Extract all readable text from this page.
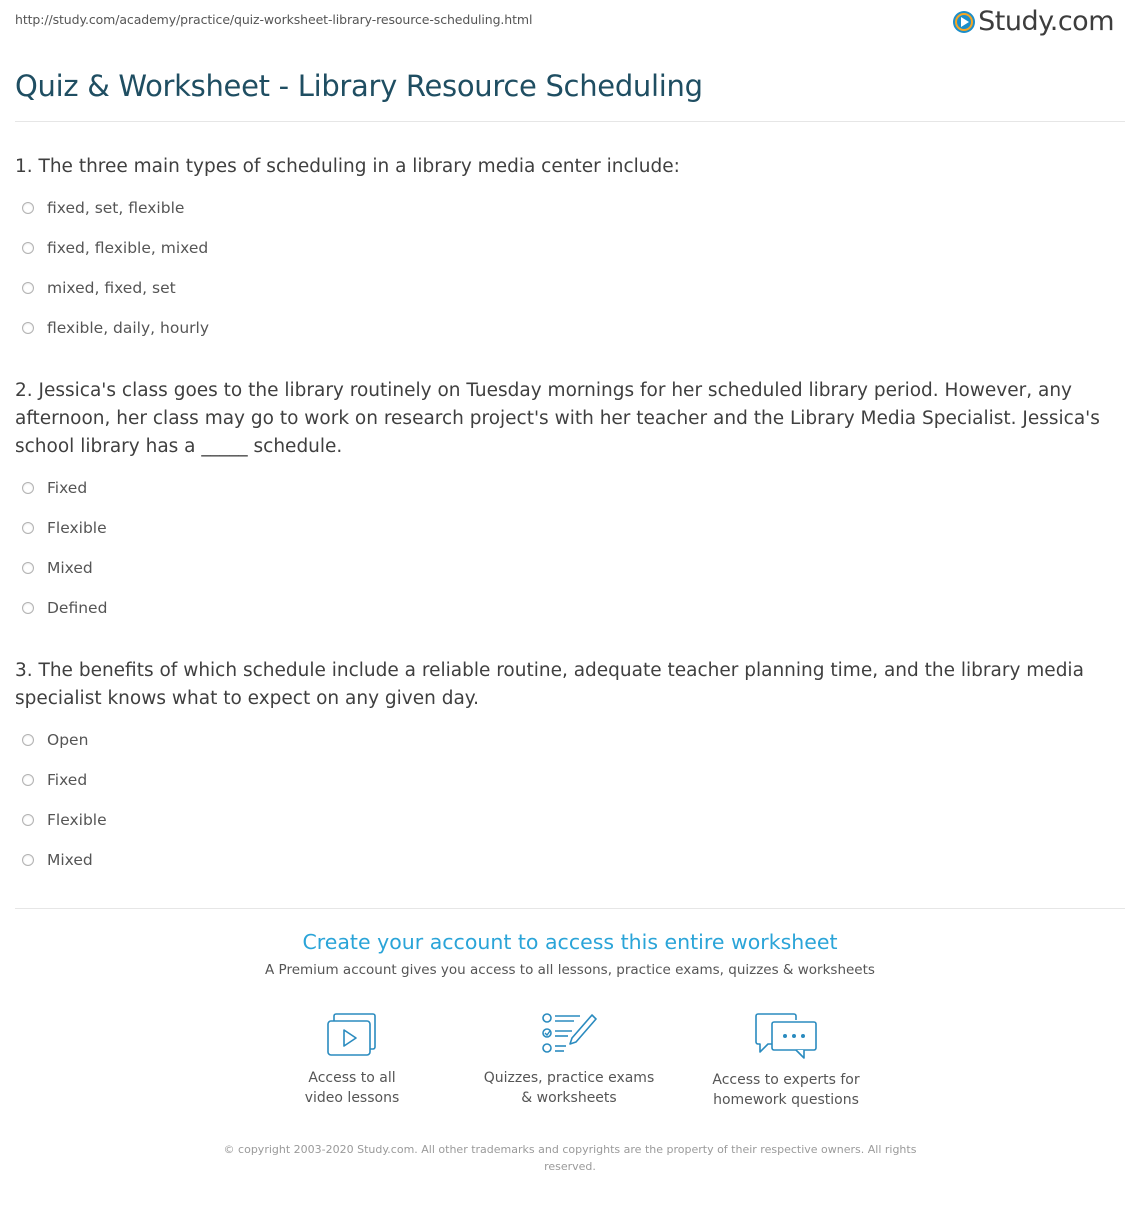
http://study.com/academy/practice/quiz-worksheet-library-resource-scheduling.html	Study.com
Quiz & Worksheet - Library Resource Scheduling
1. The three main types of scheduling in a library media center include:
fixed, set, flexible
fixed, flexible, mixed
mixed, fixed, set
flexible, daily, hourly
2. Jessica's class goes to the library routinely on Tuesday mornings for her scheduled library period. However, any afternoon, her class may go to work on research project's with her teacher and the Library Media Specialist. Jessica's school library has a _____ schedule.
Fixed
Flexible
Mixed
Defined
3. The benefits of which schedule include a reliable routine, adequate teacher planning time, and the library media specialist knows what to expect on any given day.
Open
Fixed
Flexible
Mixed
Create your account to access this entire worksheet
A Premium account gives you access to all lessons, practice exams, quizzes & worksheets
Access to all
video lessons
Quizzes, practice exams
& worksheets
Access to experts for
homework questions
© copyright 2003-2020 Study.com. All other trademarks and copyrights are the property of their respective owners. All rights
reserved.
